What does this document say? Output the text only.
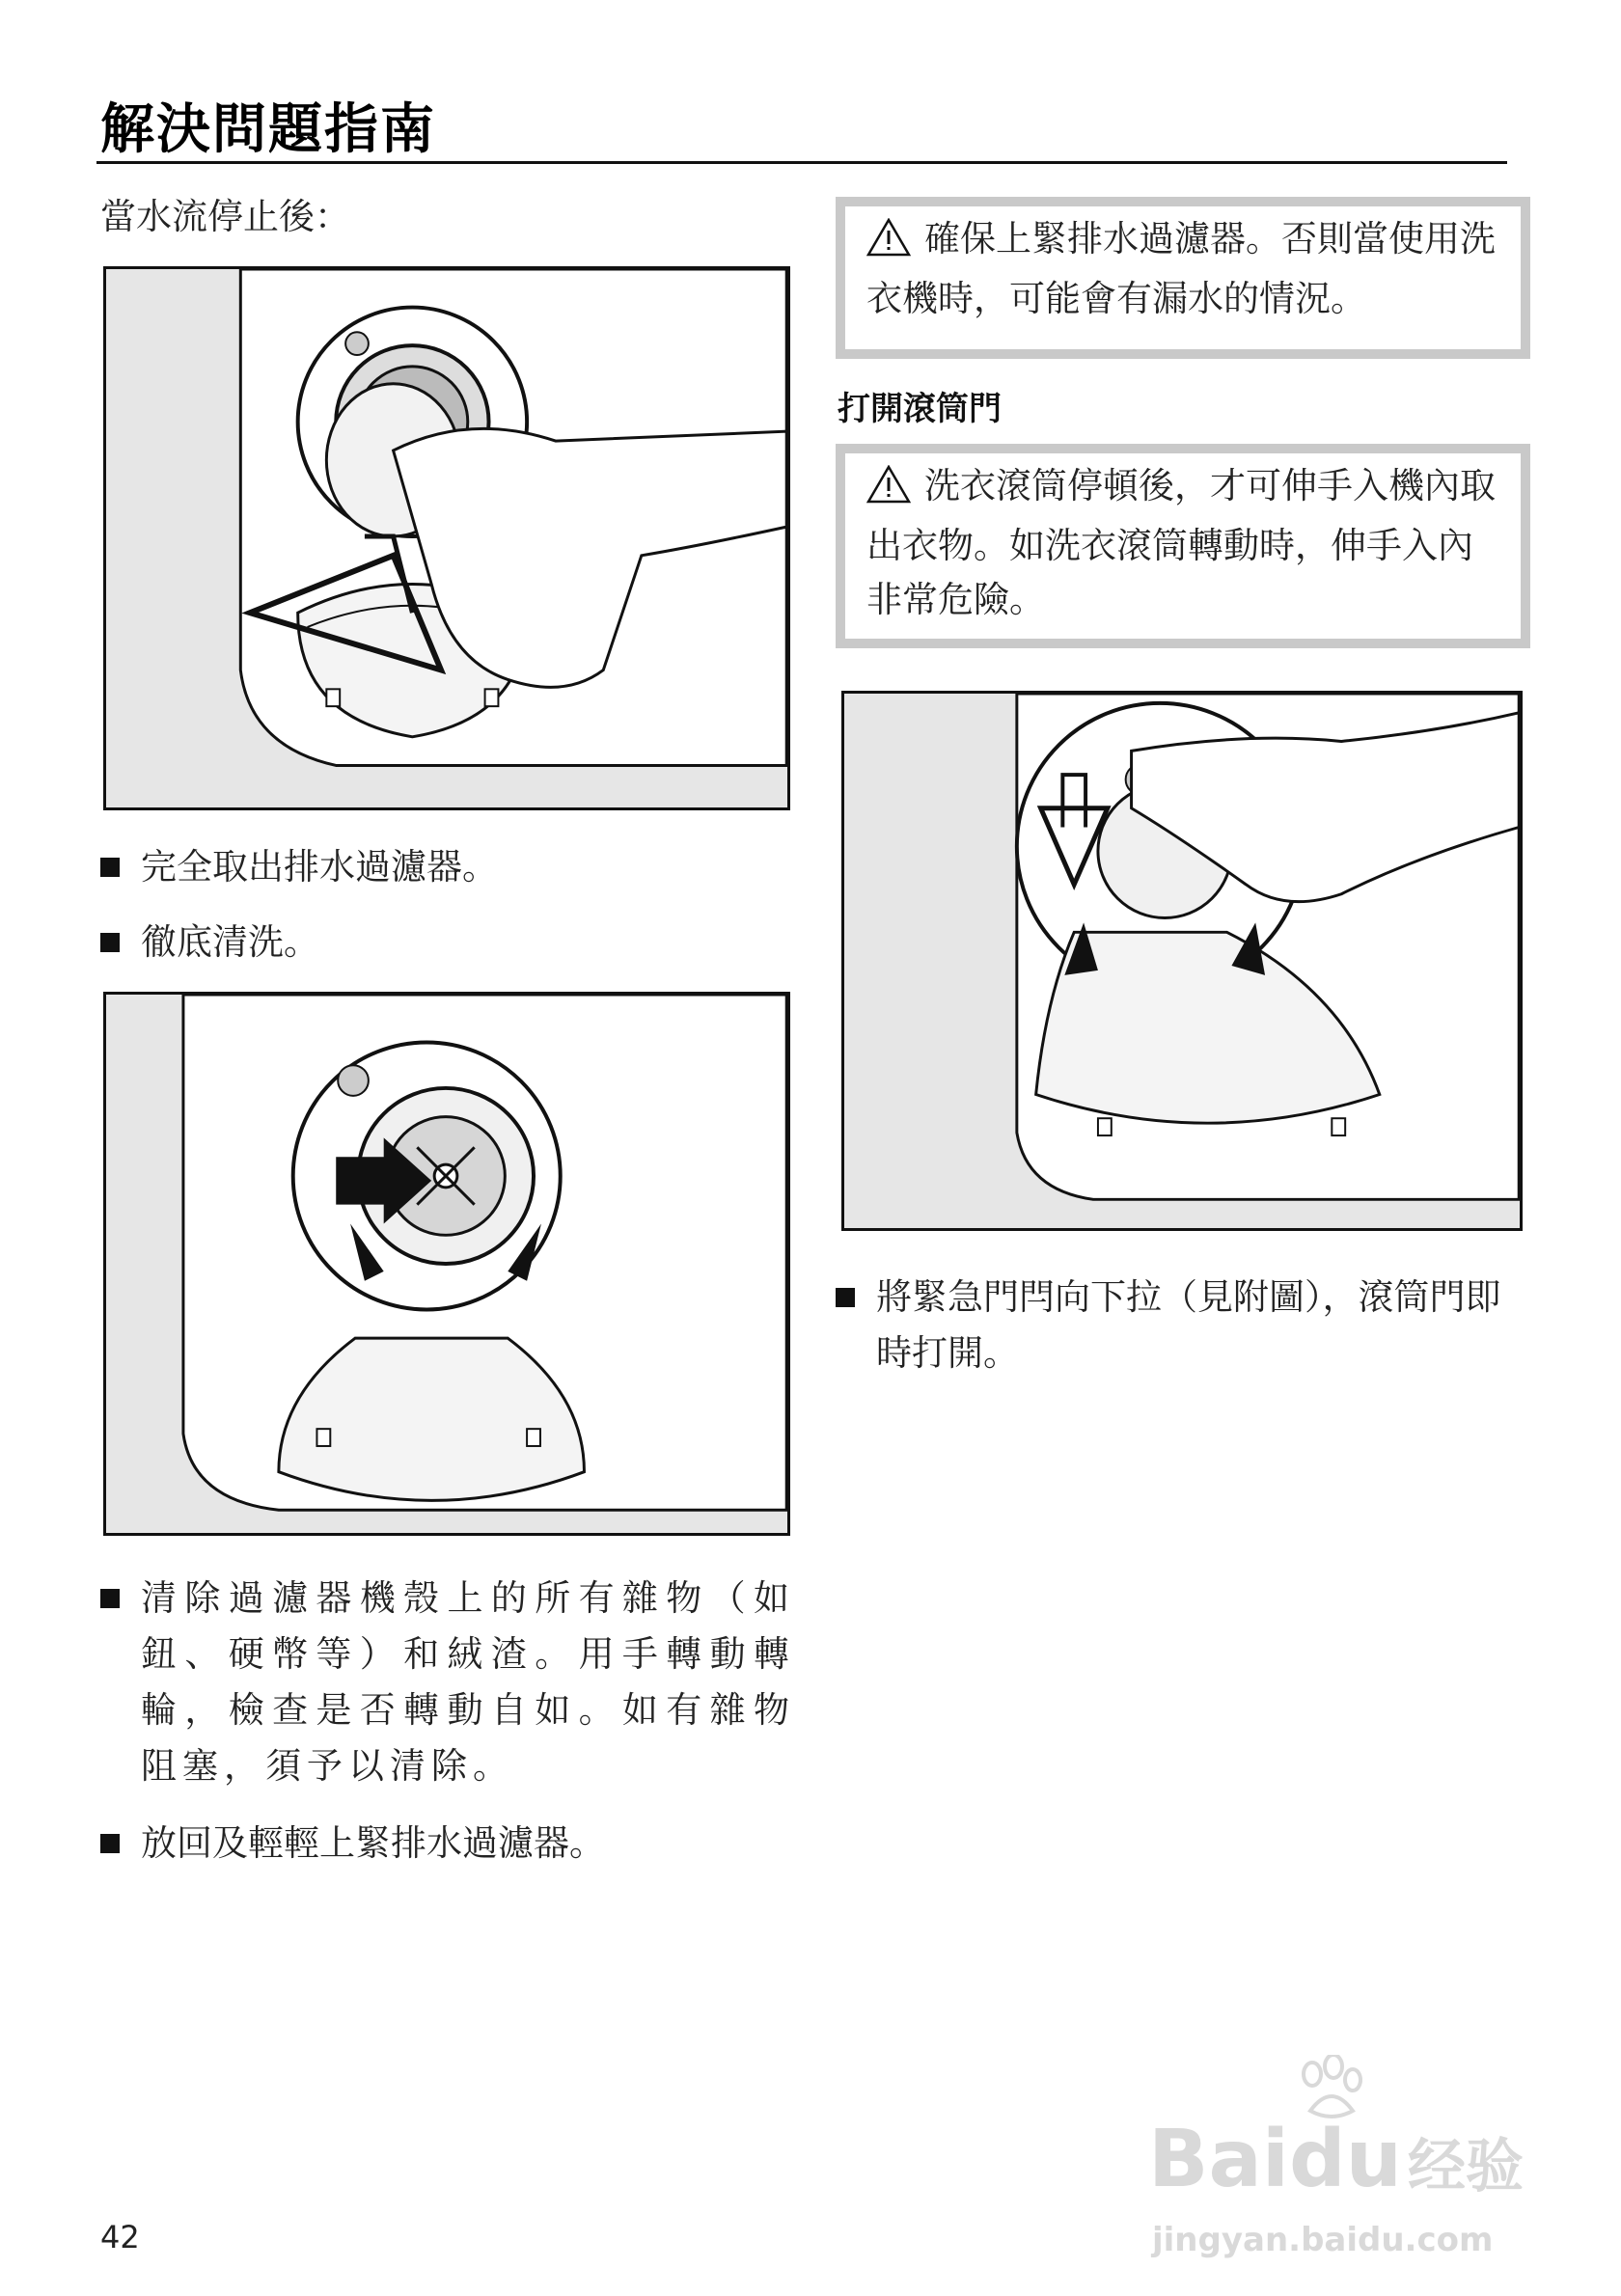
解決問題指南
當水流停止後：
完全取出排水過濾器。
徹底清洗。
清除過濾器機殼上的所有雜物（如鈕、硬幣等）和絨渣。用手轉動轉輪，檢查是否轉動自如。如有雜物阻塞，須予以清除。
放回及輕輕上緊排水過濾器。
確保上緊排水過濾器。否則當使用洗衣機時，可能會有漏水的情況。
打開滾筒門
洗衣滾筒停頓後，才可伸手入機內取出衣物。如洗衣滾筒轉動時，伸手入內非常危險。
將緊急門閂向下拉（見附圖），滾筒門即時打開。
42
Baidu 经验
jingyan.baidu.com
